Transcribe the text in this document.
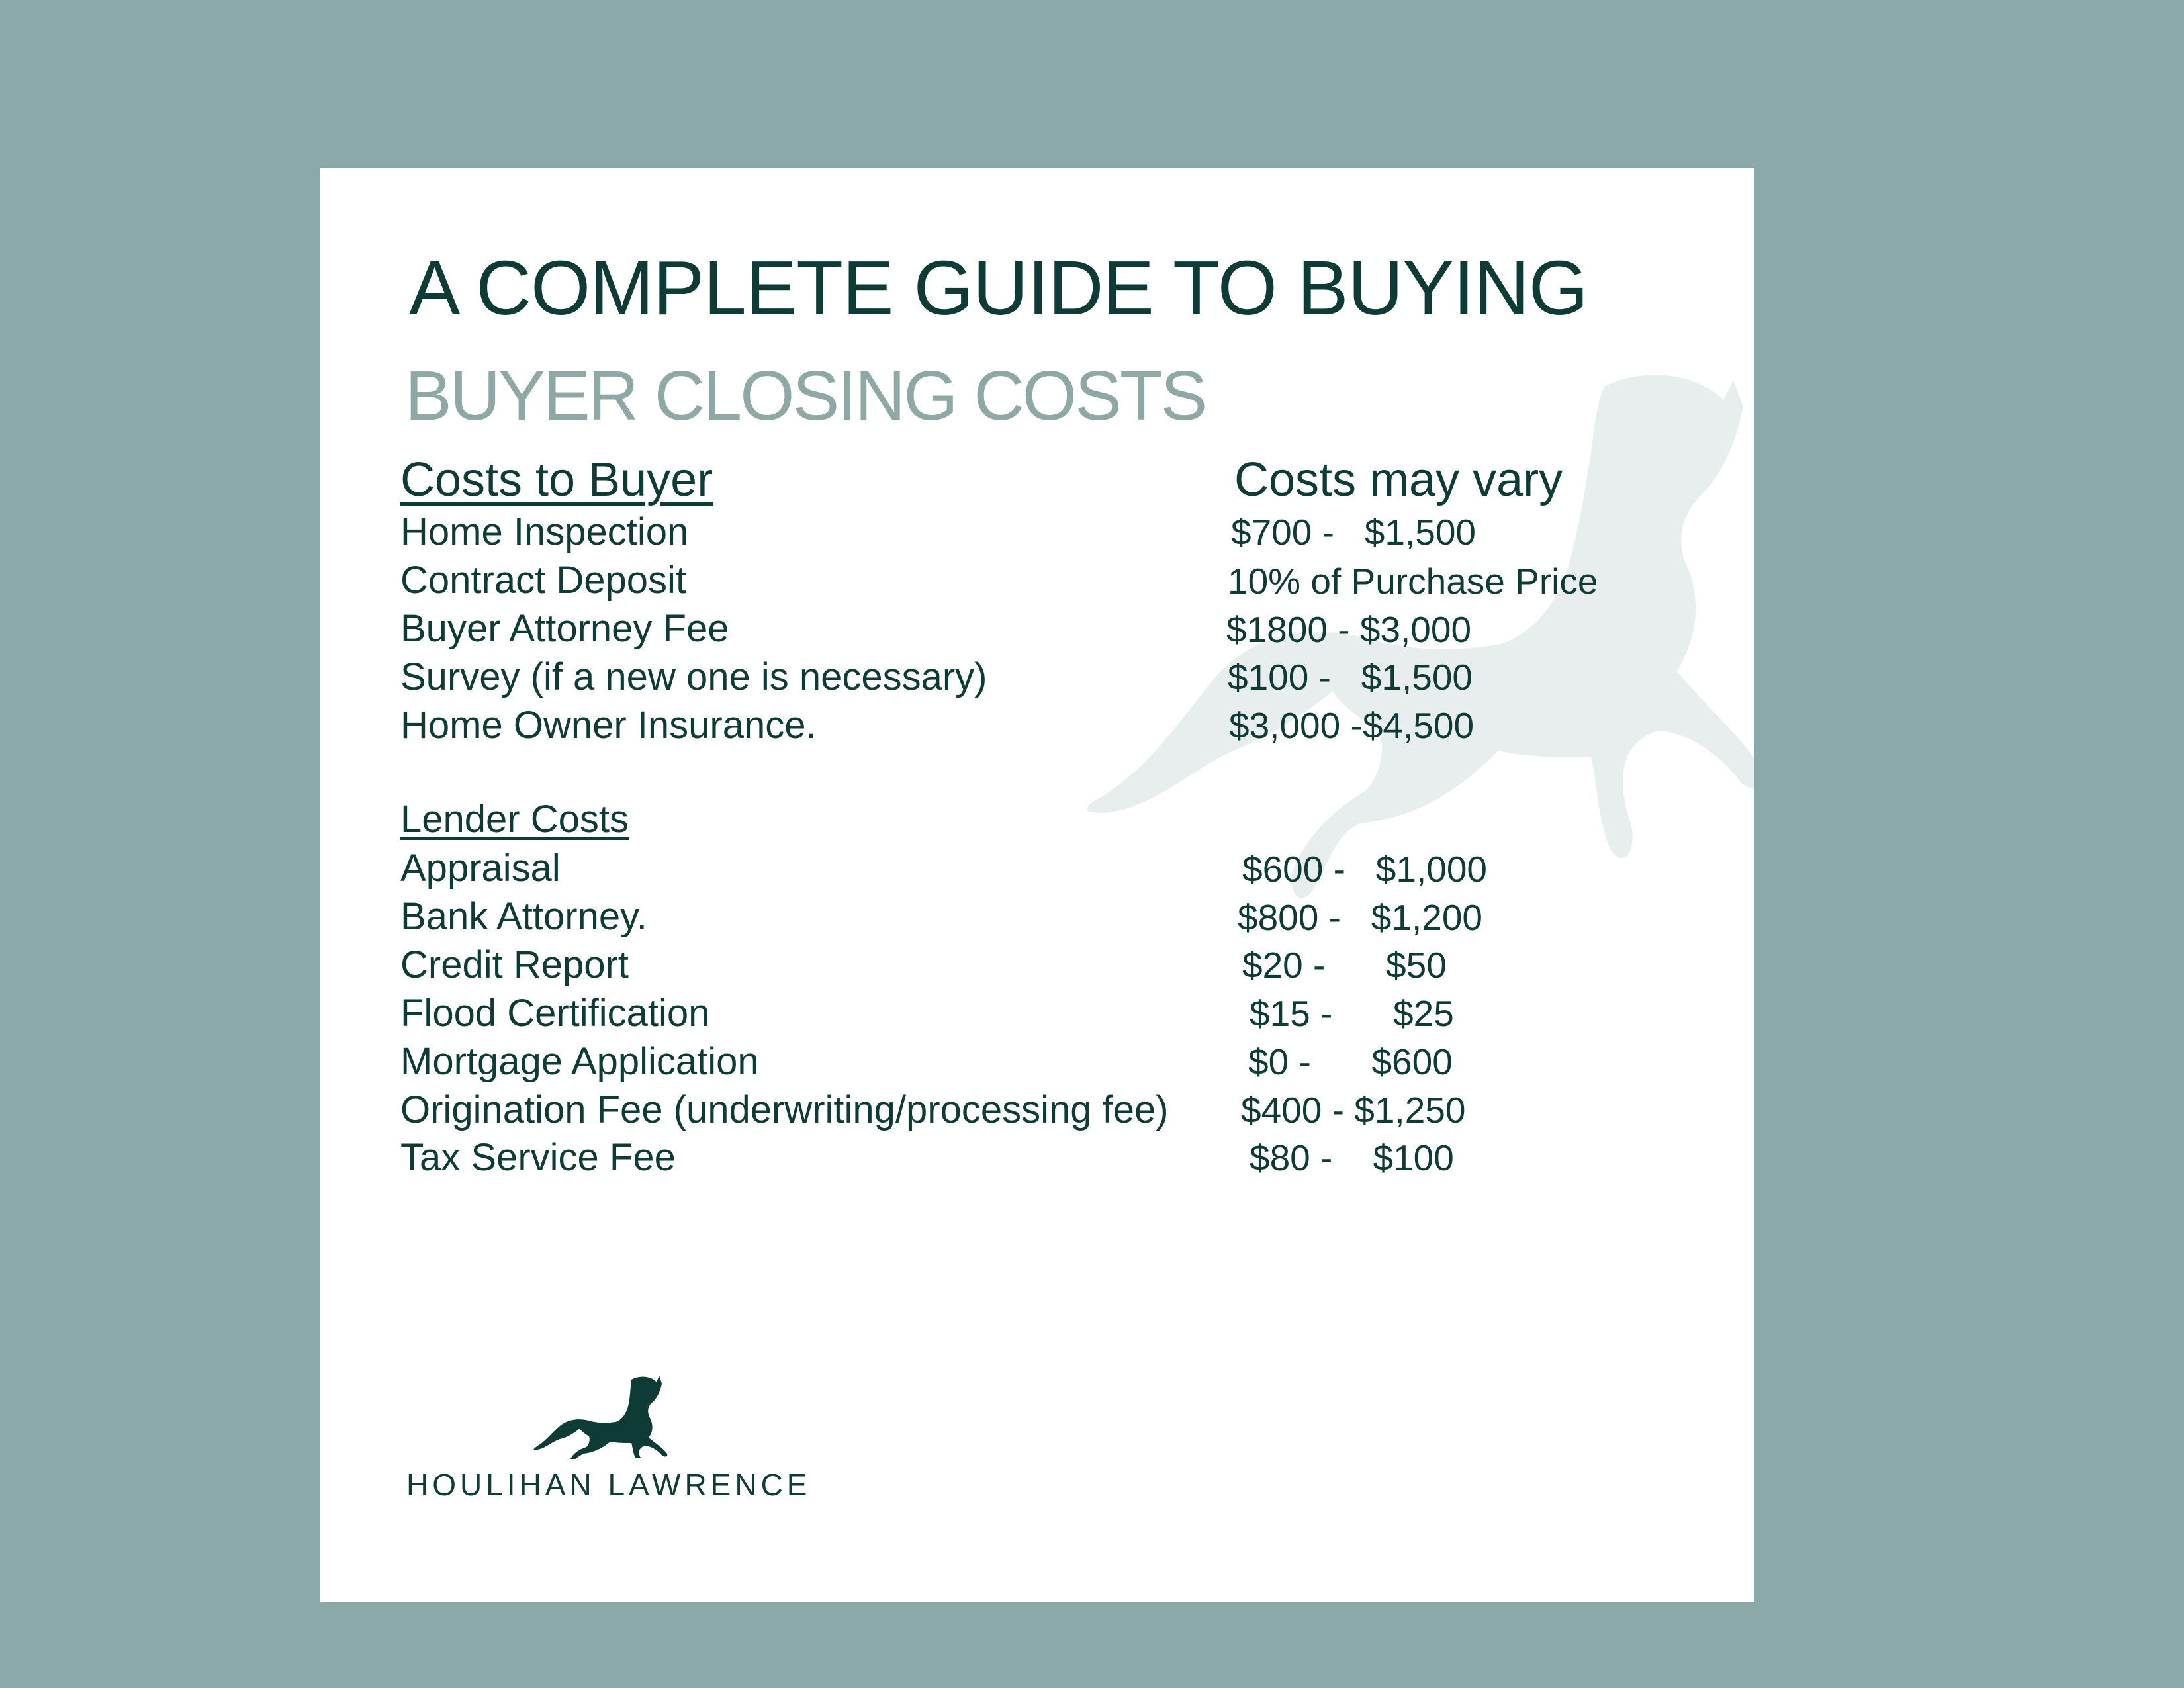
A COMPLETE GUIDE TO BUYING
BUYER CLOSING COSTS
Costs to Buyer	Costs may vary
Home Inspection	$700 -   $1,500
Contract Deposit	10% of Purchase Price
Buyer Attorney Fee	$1800 - $3,000
Survey (if a new one is necessary)	$100 -   $1,500
Home Owner Insurance.	$3,000 -$4,500
Lender Costs
Appraisal	$600 -   $1,000
Bank Attorney.	$800 -   $1,200
Credit Report	$20 -      $50
Flood Certification	$15 -      $25
Mortgage Application	$0 -      $600
Origination Fee (underwriting/processing fee) $400 - $1,250
Tax Service Fee	$80 -    $100
HOULIHAN LAWRENCE
